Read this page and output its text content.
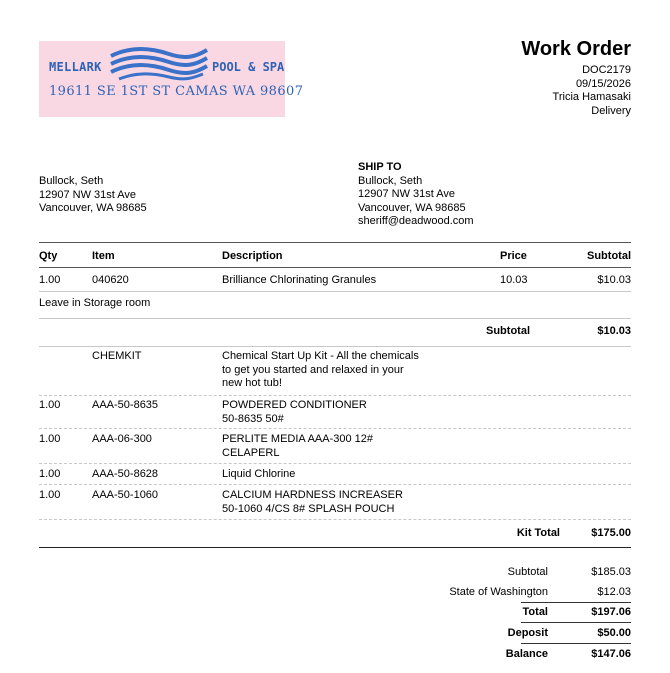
MELLARK	POOL & SPA
19611 SE 1ST ST CAMAS WA 98607
Work Order
DOC2179
09/15/2026
Tricia Hamasaki
Delivery
Bullock, Seth
12907 NW 31st Ave
Vancouver, WA 98685
SHIP TO
Bullock, Seth
12907 NW 31st Ave
Vancouver, WA 98685
sheriff@deadwood.com
Qty	Item	Description	Price	Subtotal
1.00	040620	Brilliance Chlorinating Granules	10.03	$10.03
Leave in Storage room
Subtotal	$10.03
CHEMKIT	Chemical Start Up Kit - All the chemicals
to get you started and relaxed in your
new hot tub!
1.00	AAA-50-8635	POWDERED CONDITIONER
50-8635 50#
1.00	AAA-06-300	PERLITE MEDIA AAA-300 12#
CELAPERL
1.00	AAA-50-8628	Liquid Chlorine
1.00	AAA-50-1060	CALCIUM HARDNESS INCREASER
50-1060 4/CS 8# SPLASH POUCH
Kit Total	$175.00
Subtotal	$185.03
State of Washington	$12.03
Total	$197.06
Deposit	$50.00
Balance	$147.06
